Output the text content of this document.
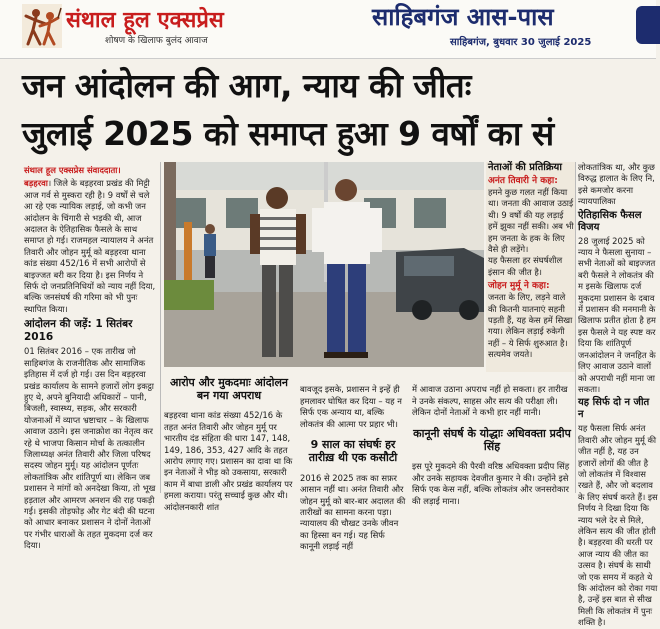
संथाल हूल एक्सप्रेस
शोषण के खिलाफ बुलंद आवाज
साहिबगंज आस-पास
साहिबगंज, बुधवार 30 जुलाई 2025
जन आंदोलन की आग, न्याय की जीतः
जुलाई 2025 को समाप्त हुआ 9 वर्षों का सं
संथाल हूल एक्सप्रेस संवाददाता।

बड़हरवा। जिले के बड़हरवा प्रखंड की मिट्टी आज गर्व से मुस्करा रही है। 9 वर्षों से चले आ रहे एक न्यायिक लड़ाई, जो कभी जन आंदोलन के चिंगारी से भड़की थी, आज अदालत के ऐतिहासिक फैसले के साथ समाप्त हो गई। राजमहल न्यायालय ने अनंत तिवारी और जोहन मुर्मू को बड़हरवा थाना कांड संख्या 452/16 में सभी आरोपों से बाइज्जत बरी कर दिया है। इस निर्णय ने सिर्फ दो जनप्रतिनिधियों को न्याय नहीं दिया, बल्कि जनसंघर्ष की गरिमा को भी पुनः स्थापित किया।

आंदोलन की जड़ें: 1 सितंबर 2016

01 सितंबर 2016 – एक तारीख जो साहिबगंज के राजनीतिक और सामाजिक इतिहास में दर्ज हो गई। उस दिन बड़हरवा प्रखंड कार्यालय के सामने हजारों लोग इकट्ठा हुए थे, अपने बुनियादी अधिकारों – पानी, बिजली, स्वास्थ्य, सड़क, और सरकारी योजनाओं में व्याप्त भ्रष्टाचार – के खिलाफ आवाज उठाने। इस जनाक्रोश का नेतृत्व कर रहे थे भाजपा किसान मोर्चा के तत्कालीन जिलाध्यक्ष अनंत तिवारी और जिला परिषद सदस्य जोहन मुर्मू। यह आंदोलन पूर्णतः लोकतांत्रिक और शांतिपूर्ण था। लेकिन जब प्रशासन ने मांगों को अनदेखा किया, तो भूख हड़ताल और आमरण अनशन की राह पकड़ी गई। इसकी तोड़फोड़ और गेट बंदी की घटना को आधार बनाकर प्रशासन ने दोनों नेताओं पर गंभीर धाराओं के तहत मुकदमा दर्ज कर दिया।

नेताओं की प्रतिक्रिया
अनंत तिवारी ने कहा:

हमने कुछ गलत नहीं किया था। जनता की आवाज उठाई थी। 9 वर्षों की यह लड़ाई हमें झुका नहीं सकी। अब भी हम जनता के हक के लिए वैसे ही लड़ेंगे।

यह फैसला हर संघर्षशील इंसान की जीत है।

जोहन मुर्मू ने कहा:

जनता के लिए, लड़ने वाले की कितनी यातनाएं सहनी पड़ती हैं, यह केस हमें सिखा गया। लेकिन लड़ाई रुकेगी नहीं – ये सिर्फ शुरुआत है। सत्यमेव जयते।

लोकतांत्रिक था, और कुछ विरुद्ध हालात के लिए नि, इसे कमजोर करना न्यायपालिका

ऐतिहासिक फैसल विजय

28 जुलाई 2025 को न्याय ने फैसला सुनाया – सभी नेताओं को बाइज्जत बरी फैसले ने लोकतंत्र की म इसके खिलाफ दर्ज मुकदमा प्रशासन के दबाव में प्रशासन की मनमानी के खिलाफ प्रतीत होता है हम इस फैसले ने यह स्पष्ट कर दिया कि शांतिपूर्ण जनआंदोलन ने जनहित के लिए आवाज उठाने वालों को अपराधी नहीं माना जा सकता।

यह सिर्फ दो न जीत न

यह फैसला सिर्फ अनंत तिवारी और जोहन मुर्मू की जीत नहीं है, यह उन हजारों लोगों की जीत है जो लोकतंत्र में विश्वास रखते हैं, और जो बदलाव के लिए संघर्ष करते हैं। इस निर्णय ने दिखा दिया कि न्याय भले देर से मिले, लेकिन सत्य की जीत होती है। बड़हरवा की धरती पर आज न्याय की जीत का उत्सव है। संघर्ष के साथी जो एक समय में कहते थे कि आंदोलन को रोका गया है, उन्हें इस बात से सीख मिली कि लोकतंत्र में पुनः शक्ति है।

आरोप और मुकदमाः आंदोलन बन गया अपराध

बड़हरवा थाना कांड संख्या 452/16 के तहत अनंत तिवारी और जोहन मुर्मू पर भारतीय दंड संहिता की धारा 147, 148, 149, 186, 353, 427 आदि के तहत आरोप लगाए गए। प्रशासन का दावा था कि इन नेताओं ने भीड़ को उकसाया, सरकारी काम में बाधा डाली और प्रखंड कार्यालय पर हमला कराया। परंतु सच्चाई कुछ और थी। आंदोलनकारी शांत

बावजूद इसके, प्रशासन ने इन्हें ही हमलावर घोषित कर दिया – यह न सिर्फ एक अन्याय था, बल्कि लोकतंत्र की आत्मा पर प्रहार भी।

9 साल का संघर्षः हर तारीख़ थी एक कसौटी

2016 से 2025 तक का सफ़र आसान नहीं था। अनंत तिवारी और जोहन मुर्मू को बार-बार अदालत की तारीखों का सामना करना पड़ा। न्यायालय की चौखट उनके जीवन का हिस्सा बन गई। यह सिर्फ कानूनी लड़ाई नहीं

में आवाज उठाना अपराध नहीं हो सकता। हर तारीख ने उनके संकल्प, साहस और सत्य की परीक्षा ली। लेकिन दोनों नेताओं ने कभी हार नहीं मानी।

कानूनी संघर्ष के योद्धाः अधिवक्ता प्रदीप सिंह

इस पूरे मुकदमे की पैरवी वरिष्ठ अधिवक्ता प्रदीप सिंह और उनके सहायक देवजीत कुमार ने की। उन्होंने इसे सिर्फ एक केस नहीं, बल्कि लोकतंत्र और जनसरोकार की लड़ाई माना।
